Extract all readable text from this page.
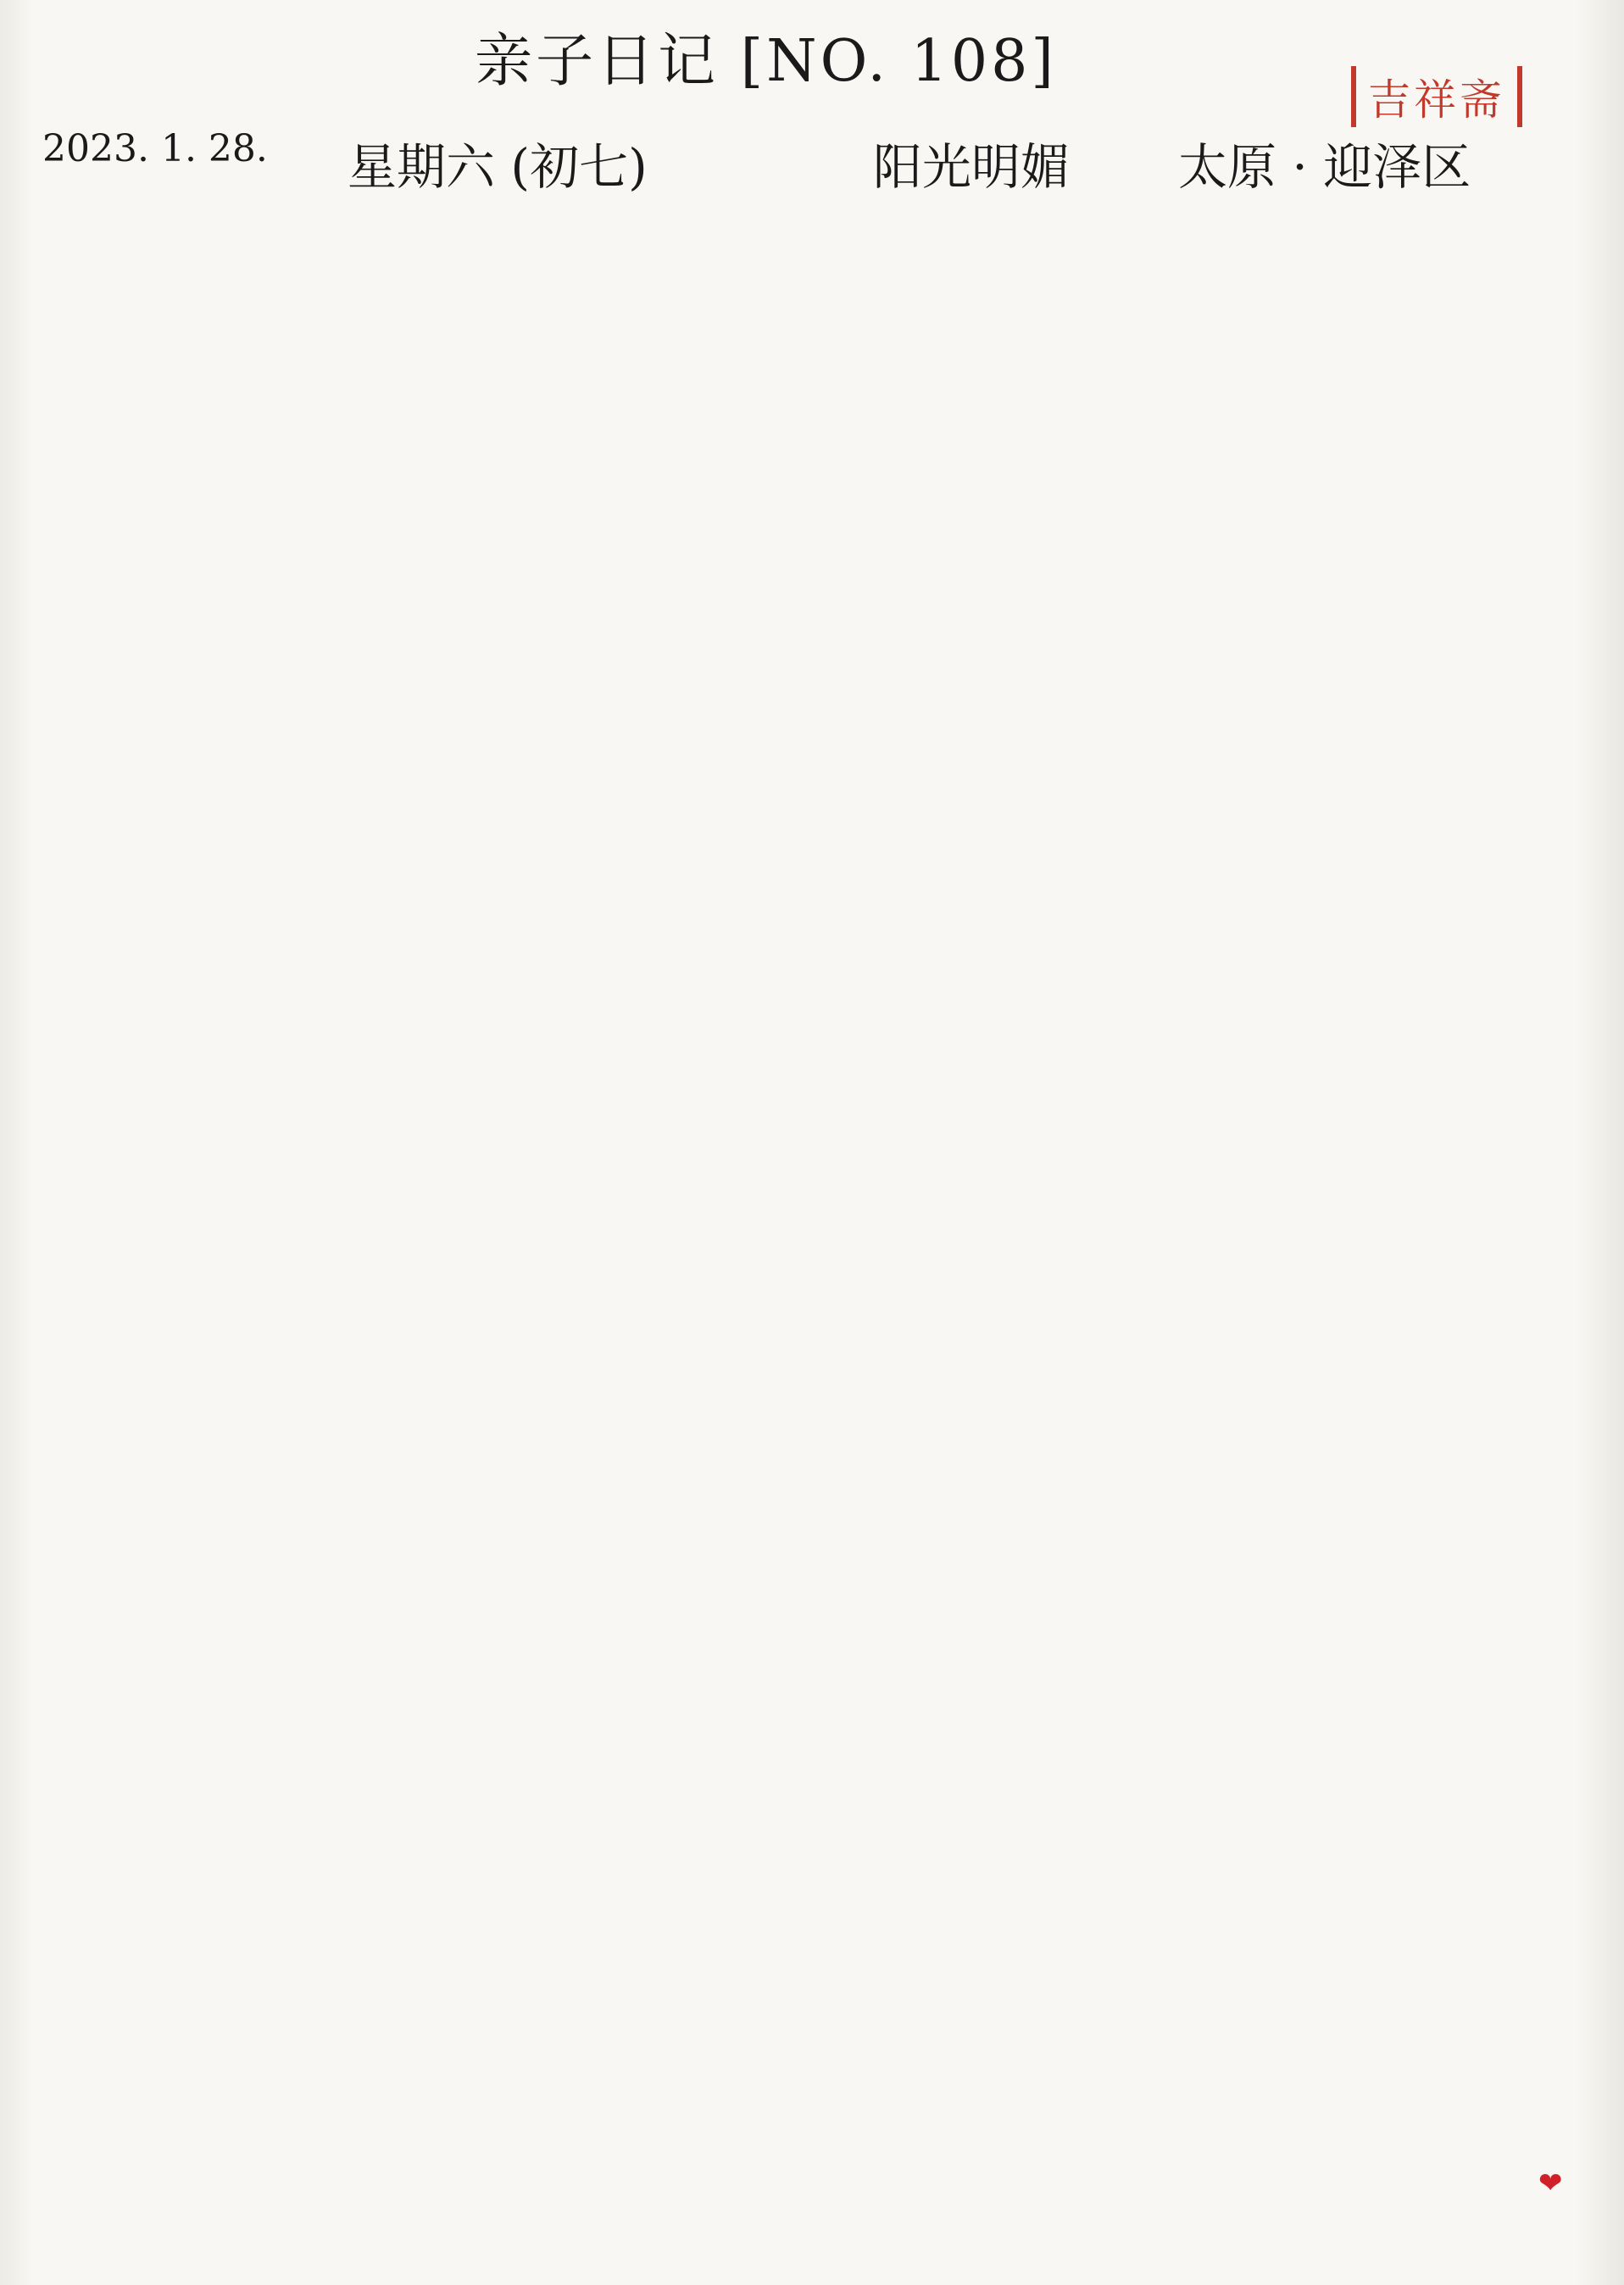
亲子日记 [NO. 108]
吉祥斋
2023. 1. 28. 星期六 (初七)	阳光明媚 太原 · 迎泽区
❤
